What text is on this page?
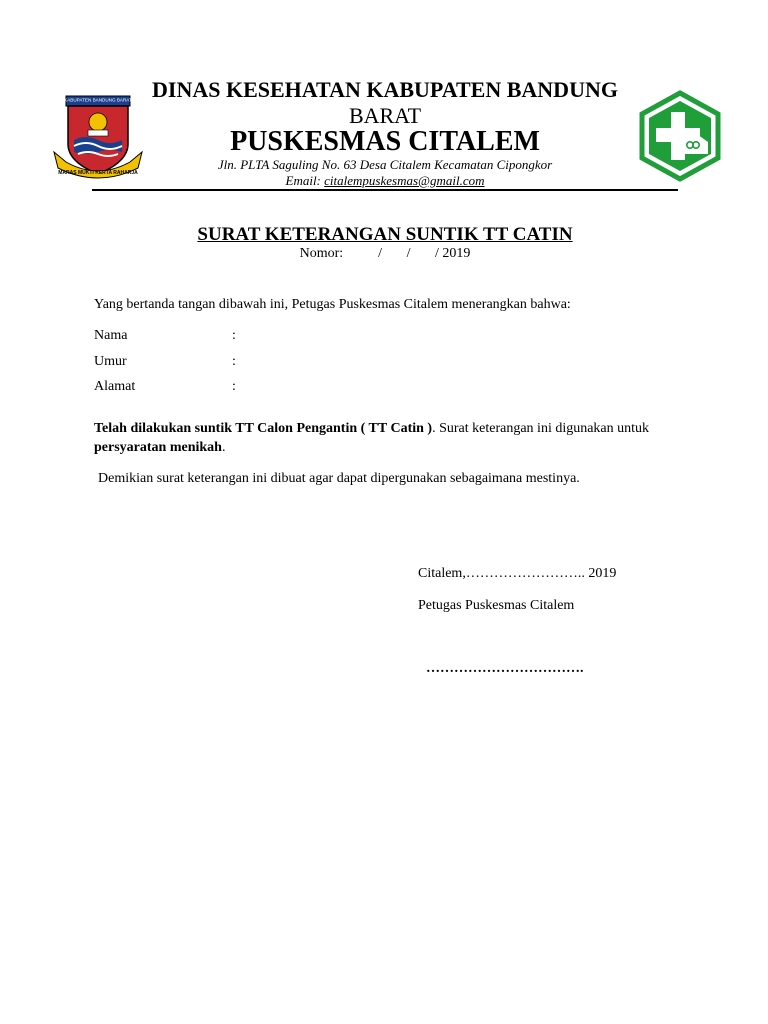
KABUPATEN BANDUNG BARAT
MARAS MUKTI KERTA RAHARJA
DINAS KESEHATAN KABUPATEN BANDUNG
BARAT
PUSKESMAS CITALEM
Jln. PLTA Saguling No. 63 Desa Citalem Kecamatan Cipongkor
Email: citalempuskesmas@gmail.com
SURAT KETERANGAN SUNTIK TT CATIN
Nomor:          /       /       / 2019
Yang bertanda tangan dibawah ini, Petugas Puskesmas Citalem menerangkan bahwa:
Nama	:
Umur	:
Alamat	:
Telah dilakukan suntik TT Calon Pengantin ( TT Catin ). Surat keterangan ini digunakan untuk persyaratan menikah.
Demikian surat keterangan ini dibuat agar dapat dipergunakan sebagaimana mestinya.
Citalem,…………………….. 2019
Petugas Puskesmas Citalem
…………………………….
